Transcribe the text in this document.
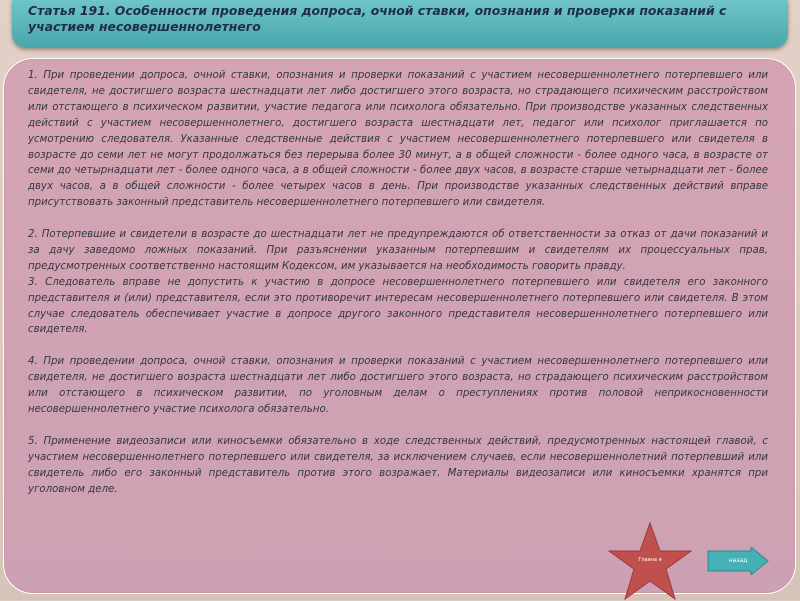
Статья 191. Особенности проведения допроса, очной ставки, опознания и проверки показаний с участием несовершеннолетнего

1. При проведении допроса, очной ставки, опознания и проверки показаний с участием несовершеннолетнего потерпевшего или свидетеля, не достигшего возраста шестнадцати лет либо достигшего этого возраста, но страдающего психическим расстройством или отстающего в психическом развитии, участие педагога или психолога обязательно. При производстве указанных следственных действий с участием несовершеннолетнего, достигшего возраста шестнадцати лет, педагог или психолог приглашается по усмотрению следователя. Указанные следственные действия с участием несовершеннолетнего потерпевшего или свидетеля в возрасте до семи лет не могут продолжаться без перерыва более 30 минут, а в общей сложности - более одного часа, в возрасте от семи до четырнадцати лет - более одного часа, а в общей сложности - более двух часов, в возрасте старше четырнадцати лет - более двух часов, а в общей сложности - более четырех часов в день. При производстве указанных следственных действий вправе присутствовать законный представитель несовершеннолетнего потерпевшего или свидетеля.

2. Потерпевшие и свидетели в возрасте до шестнадцати лет не предупреждаются об ответственности за отказ от дачи показаний и за дачу заведомо ложных показаний. При разъяснении указанным потерпевшим и свидетелям их процессуальных прав, предусмотренных соответственно настоящим Кодексом, им указывается на необходимость говорить правду.

3. Следователь вправе не допустить к участию в допросе несовершеннолетнего потерпевшего или свидетеля его законного представителя и (или) представителя, если это противоречит интересам несовершеннолетнего потерпевшего или свидетеля. В этом случае следователь обеспечивает участие в допросе другого законного представителя несовершеннолетнего потерпевшего или свидетеля.

4. При проведении допроса, очной ставки, опознания и проверки показаний с участием несовершеннолетнего потерпевшего или свидетеля, не достигшего возраста шестнадцати лет либо достигшего этого возраста, но страдающего психическим расстройством или отстающего в психическом развитии, по уголовным делам о преступлениях против половой неприкосновенности несовершеннолетнего участие психолога обязательно.

5. Применение видеозаписи или киносъемки обязательно в ходе следственных действий, предусмотренных настоящей главой, с участием несовершеннолетнего потерпевшего или свидетеля, за исключением случаев, если несовершеннолетний потерпевший или свидетель либо его законный представитель против этого возражает. Материалы видеозаписи или киносъемки хранятся при уголовном деле.

Главна я	назад
